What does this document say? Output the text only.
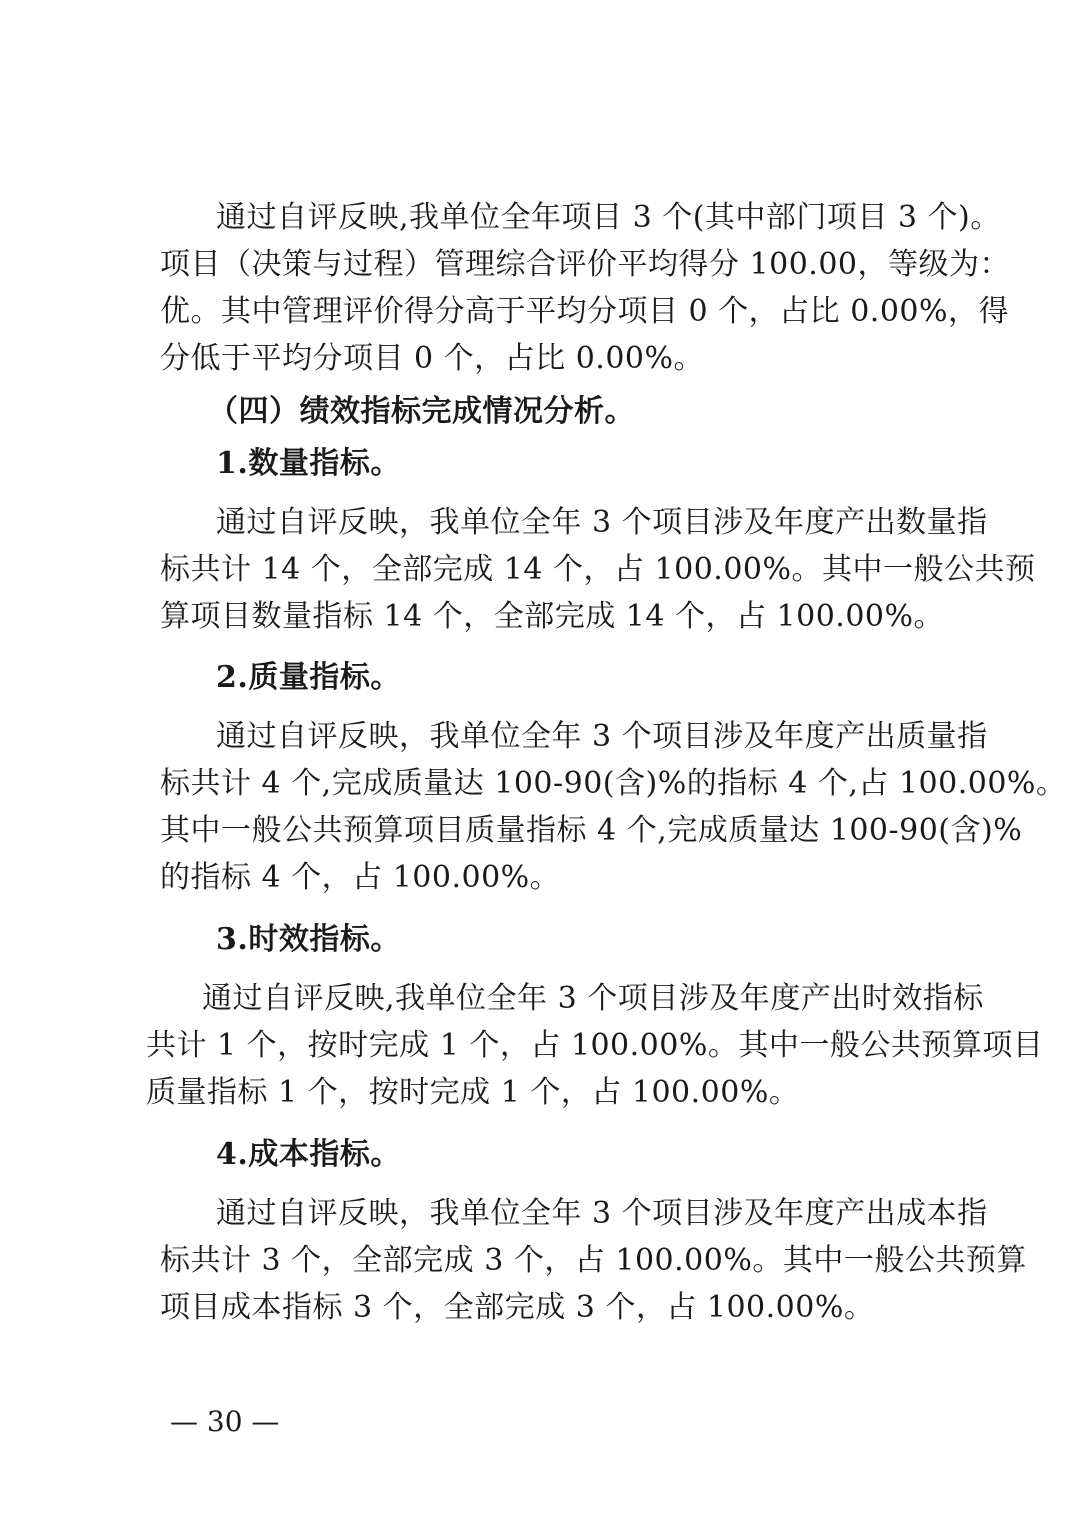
通过自评反映,我单位全年项目 3 个(其中部门项目 3 个)。
项目（决策与过程）管理综合评价平均得分 100.00，等级为：
优。其中管理评价得分高于平均分项目 0 个，占比 0.00%，得
分低于平均分项目 0 个，占比 0.00%。
（四）绩效指标完成情况分析。
1.数量指标。
通过自评反映，我单位全年 3 个项目涉及年度产出数量指
标共计 14 个，全部完成 14 个，占 100.00%。其中一般公共预
算项目数量指标 14 个，全部完成 14 个，占 100.00%。
2.质量指标。
通过自评反映，我单位全年 3 个项目涉及年度产出质量指
标共计 4 个,完成质量达 100-90(含)%的指标 4 个,占 100.00%。
其中一般公共预算项目质量指标 4 个,完成质量达 100-90(含)%
的指标 4 个，占 100.00%。
3.时效指标。
通过自评反映,我单位全年 3 个项目涉及年度产出时效指标
共计 1 个，按时完成 1 个，占 100.00%。其中一般公共预算项目
质量指标 1 个，按时完成 1 个，占 100.00%。
4.成本指标。
通过自评反映，我单位全年 3 个项目涉及年度产出成本指
标共计 3 个，全部完成 3 个，占 100.00%。其中一般公共预算
项目成本指标 3 个，全部完成 3 个，占 100.00%。
— 30 —
